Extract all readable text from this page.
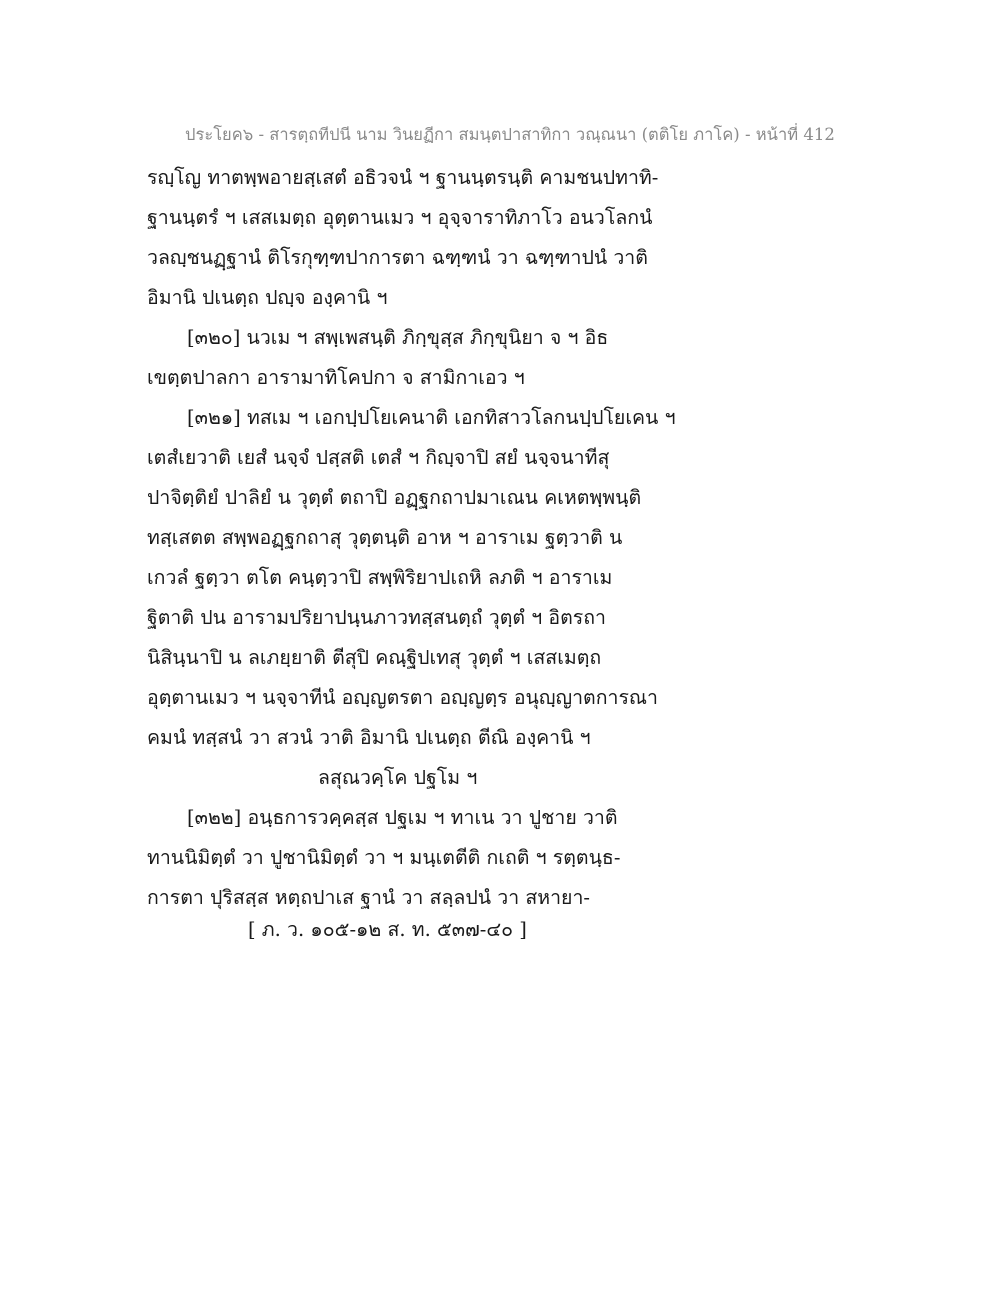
ประโยค๖ - สารตฺถทีปนี นาม วินยฏีกา สมนฺตปาสาทิกา วณฺณนา (ตติโย ภาโค) - หน้าที่ 412
รญฺโญ ทาตพฺพอายสฺเสตํ อธิวจนํ ฯ ฐานนฺตรนฺติ คามชนปทาทิ-
ฐานนฺตรํ ฯ เสสเมตฺถ อุตฺตานเมว ฯ อุจฺจาราทิภาโว อนวโลกนํ
วลญฺชนฏฺฐานํ ติโรกุฑฺฑปาการตา ฉฑฺฑนํ วา ฉฑฺฑาปนํ วาติ
อิมานิ ปเนตฺถ ปญฺจ องฺคานิ ฯ
[๓๒๐] นวเม ฯ สพฺเพสนฺติ ภิกฺขุสฺส ภิกฺขุนิยา จ ฯ อิธ
เขตฺตปาลกา อารามาทิโคปกา จ สามิกาเอว ฯ
[๓๒๑] ทสเม ฯ เอกปฺปโยเคนาติ เอกทิสาวโลกนปฺปโยเคน ฯ
เตสํเยวาติ เยสํ นจฺจํ ปสฺสติ เตสํ ฯ กิญฺจาปิ สยํ นจฺจนาทีสุ
ปาจิตฺติยํ ปาลิยํ น วุตฺตํ ตถาปิ อฏฺฐกถาปมาเณน คเหตพฺพนฺติ
ทสฺเสตต สพฺพอฏฺฐกถาสุ วุตฺตนฺติ อาห ฯ อาราเม ฐตฺวาติ น
เกวลํ ฐตฺวา ตโต คนฺตฺวาปิ สพฺพิริยาปเถหิ ลภติ ฯ อาราเม
ฐิตาติ ปน อารามปริยาปนฺนภาวทสฺสนตฺถํ วุตฺตํ ฯ อิตรถา
นิสินฺนาปิ น ลเภยฺยาติ ตีสุปิ คณฺฐิปเทสุ วุตฺตํ ฯ เสสเมตฺถ
อุตฺตานเมว ฯ นจฺจาทีนํ อญฺญตรตา อญฺญตฺร อนุญฺญาตการณา
คมนํ ทสฺสนํ วา สวนํ วาติ อิมานิ ปเนตฺถ ตีณิ องฺคานิ ฯ
ลสุณวคฺโค ปฐโม ฯ
[๓๒๒] อนฺธการวคฺคสฺส ปฐเม ฯ ทาเน วา ปูชาย วาติ
ทานนิมิตฺตํ วา ปูชานิมิตฺตํ วา ฯ มนฺเตตีติ กเถติ ฯ รตฺตนฺธ-
การตา ปุริสสฺส หตฺถปาเส ฐานํ วา สลฺลปนํ วา สหายา-
[ ภ. ว. ๑๐๕-๑๒ ส. ท. ๕๓๗-๔๐ ]
